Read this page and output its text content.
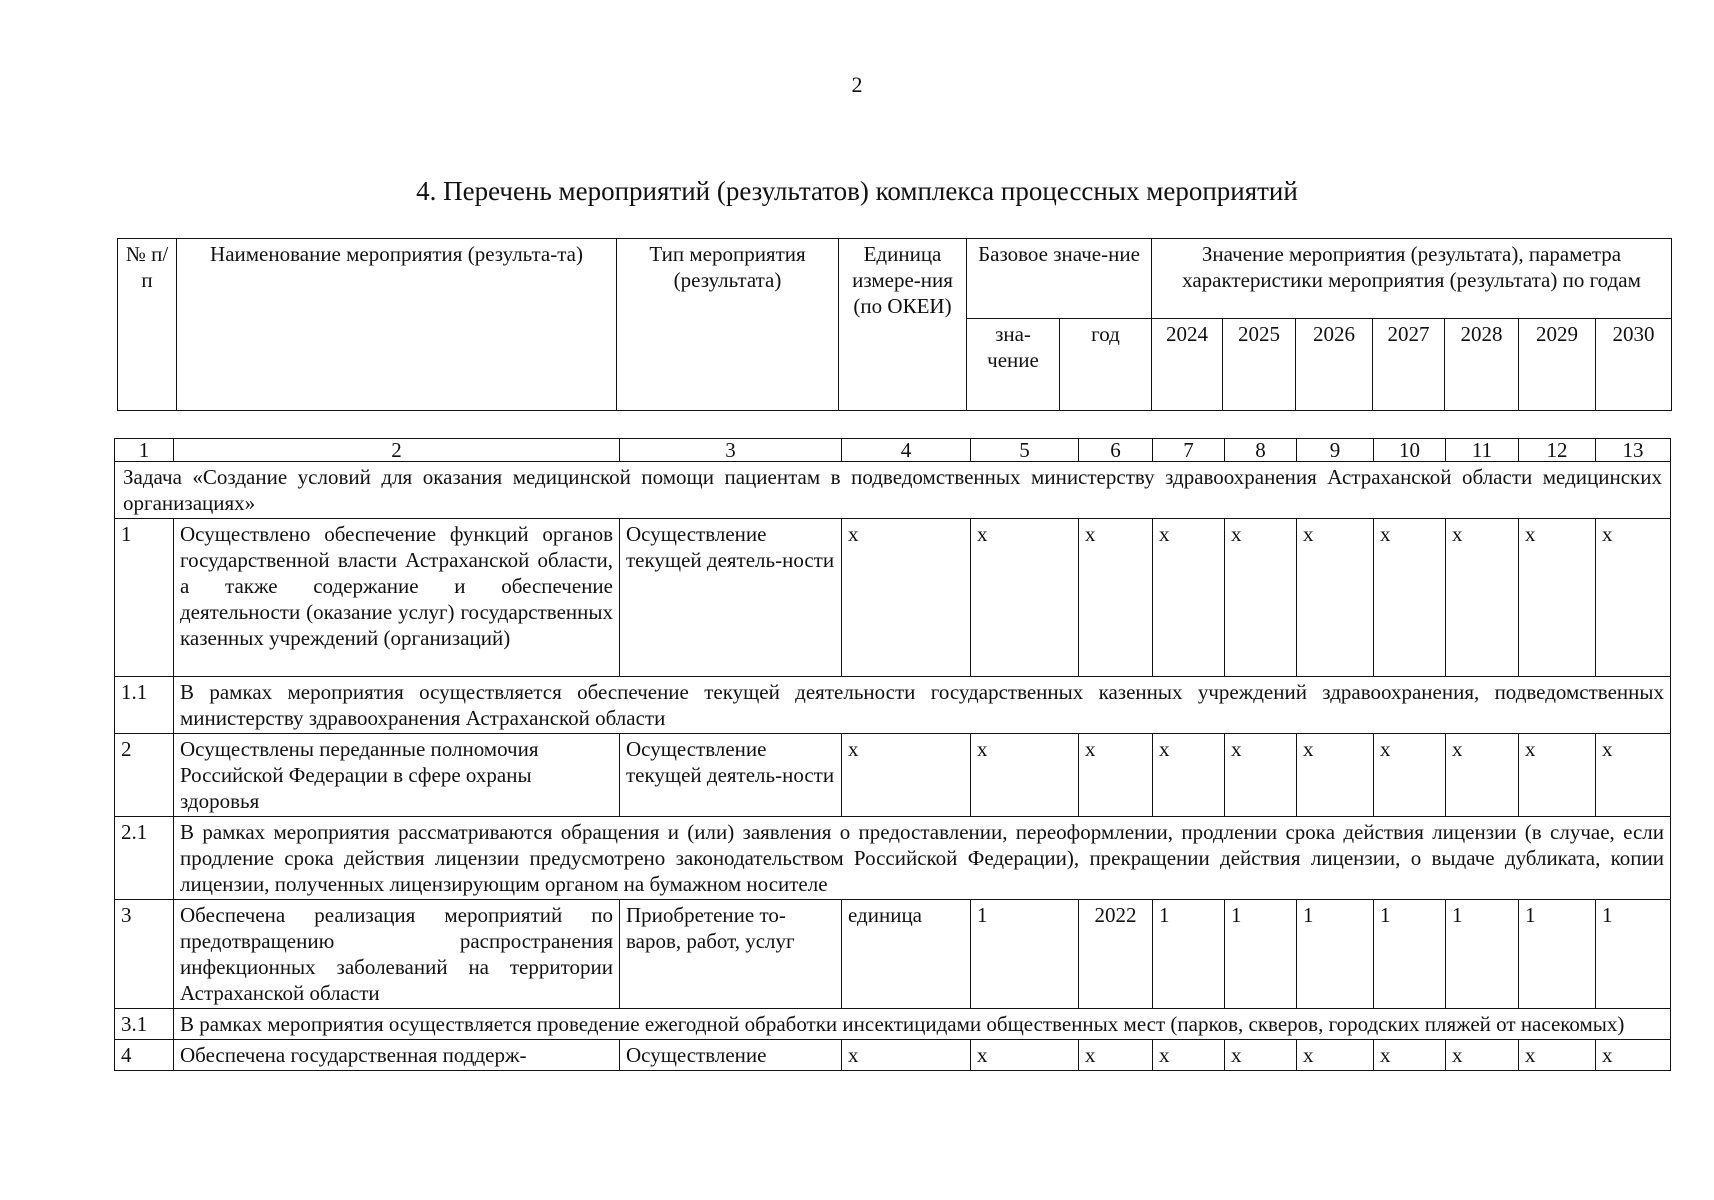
2
4. Перечень мероприятий (результатов) комплекса процессных мероприятий
№ п/п	Наименование мероприятия (результа-та)	Тип мероприятия (результата)	Единица измере-ния (по ОКЕИ)	Базовое значе-ние		Значение мероприятия (результата), параметра характеристики мероприятия (результата) по годам						
				зна-чение	год	2024	2025	2026	2027	2028	2029	2030
1	2	3	4	5	6	7	8	9	10	11	12	13
Задача «Создание условий для оказания медицинской помощи пациентам в подведомственных министерству здравоохранения Астраханской области медицинских организациях»												
1	Осуществлено обеспечение функций органов государственной власти Астраханской области, а также содержание и обеспечение деятельности (оказание услуг) государственных казенных учреждений (организаций)	Осуществление текущей деятель-ности	х	х	х	х	х	х	х	х	х	х
1.1	В рамках мероприятия осуществляется обеспечение текущей деятельности государственных казенных учреждений здравоохранения, подведомственных министерству здравоохранения Астраханской области											
2	Осуществлены переданные полномочия Российской Федерации в сфере охраны здоровья	Осуществление текущей деятель-ности	х	х	х	х	х	х	х	х	х	х
2.1	В рамках мероприятия рассматриваются обращения и (или) заявления о предоставлении, переоформлении, продлении срока действия лицензии (в случае, если продление срока действия лицензии предусмотрено законодательством Российской Федерации), прекращении действия лицензии, о выдаче дубликата, копии лицензии, полученных лицензирующим органом на бумажном носителе											
3	Обеспечена реализация мероприятий по предотвращению распространения инфекционных заболеваний на территории Астраханской области	Приобретение то-варов, работ, услуг	единица	1	2022	1	1	1	1	1	1	1
3.1	В рамках мероприятия осуществляется проведение ежегодной обработки инсектицидами общественных мест (парков, скверов, городских пляжей от насекомых)											
4	Обеспечена государственная поддерж-	Осуществление	х	х	х	х	х	х	х	х	х	х
